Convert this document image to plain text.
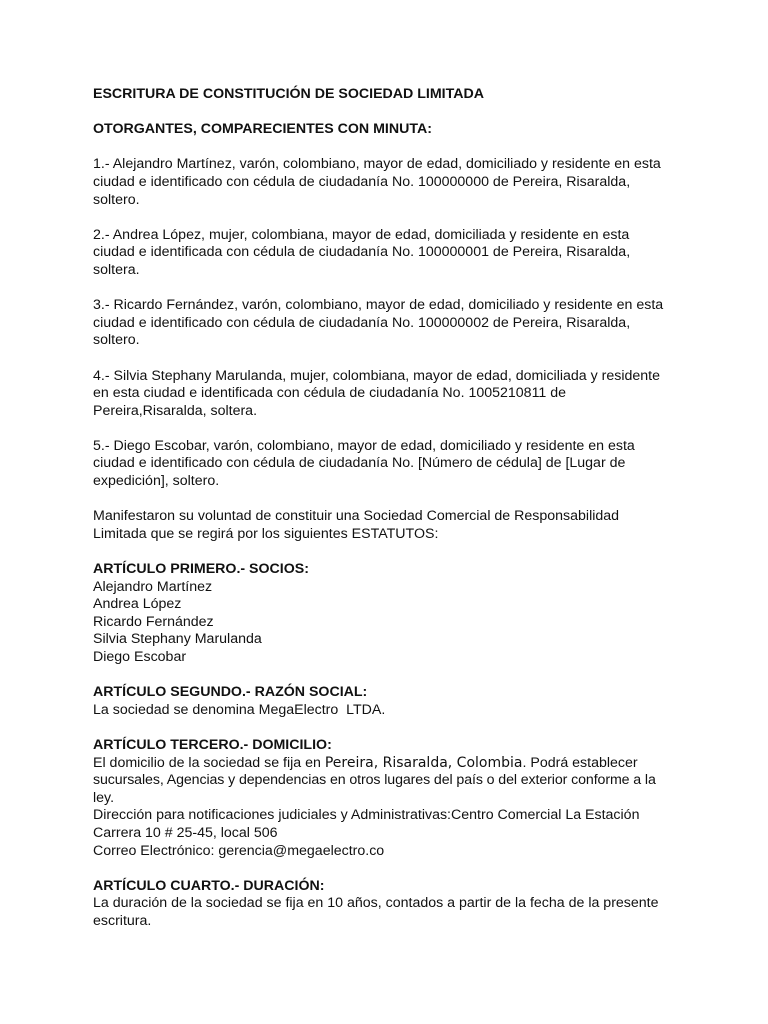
ESCRITURA DE CONSTITUCIÓN DE SOCIEDAD LIMITADA

OTORGANTES, COMPARECIENTES CON MINUTA:

1.- Alejandro Martínez, varón, colombiano, mayor de edad, domiciliado y residente en esta
ciudad e identificado con cédula de ciudadanía No. 100000000 de Pereira, Risaralda,
soltero.
2.- Andrea López, mujer, colombiana, mayor de edad, domiciliada y residente en esta
ciudad e identificada con cédula de ciudadanía No. 100000001 de Pereira, Risaralda,
soltera.
3.- Ricardo Fernández, varón, colombiano, mayor de edad, domiciliado y residente en esta
ciudad e identificado con cédula de ciudadanía No. 100000002 de Pereira, Risaralda,
soltero.
4.- Silvia Stephany Marulanda, mujer, colombiana, mayor de edad, domiciliada y residente
en esta ciudad e identificada con cédula de ciudadanía No. 1005210811 de
Pereira,Risaralda, soltera.
5.- Diego Escobar, varón, colombiano, mayor de edad, domiciliado y residente en esta
ciudad e identificado con cédula de ciudadanía No. [Número de cédula] de [Lugar de
expedición], soltero.
Manifestaron su voluntad de constituir una Sociedad Comercial de Responsabilidad
Limitada que se regirá por los siguientes ESTATUTOS:
ARTÍCULO PRIMERO.- SOCIOS:
Alejandro Martínez
Andrea López
Ricardo Fernández
Silvia Stephany Marulanda
Diego Escobar
ARTÍCULO SEGUNDO.- RAZÓN SOCIAL:
La sociedad se denomina MegaElectro  LTDA.
ARTÍCULO TERCERO.- DOMICILIO:
El domicilio de la sociedad se fija en Pereira, Risaralda, Colombia. Podrá establecer
sucursales, Agencias y dependencias en otros lugares del país o del exterior conforme a la
ley.
Dirección para notificaciones judiciales y Administrativas:Centro Comercial La Estación
Carrera 10 # 25-45, local 506
Correo Electrónico: gerencia@megaelectro.co
ARTÍCULO CUARTO.- DURACIÓN:
La duración de la sociedad se fija en 10 años, contados a partir de la fecha de la presente
escritura.
